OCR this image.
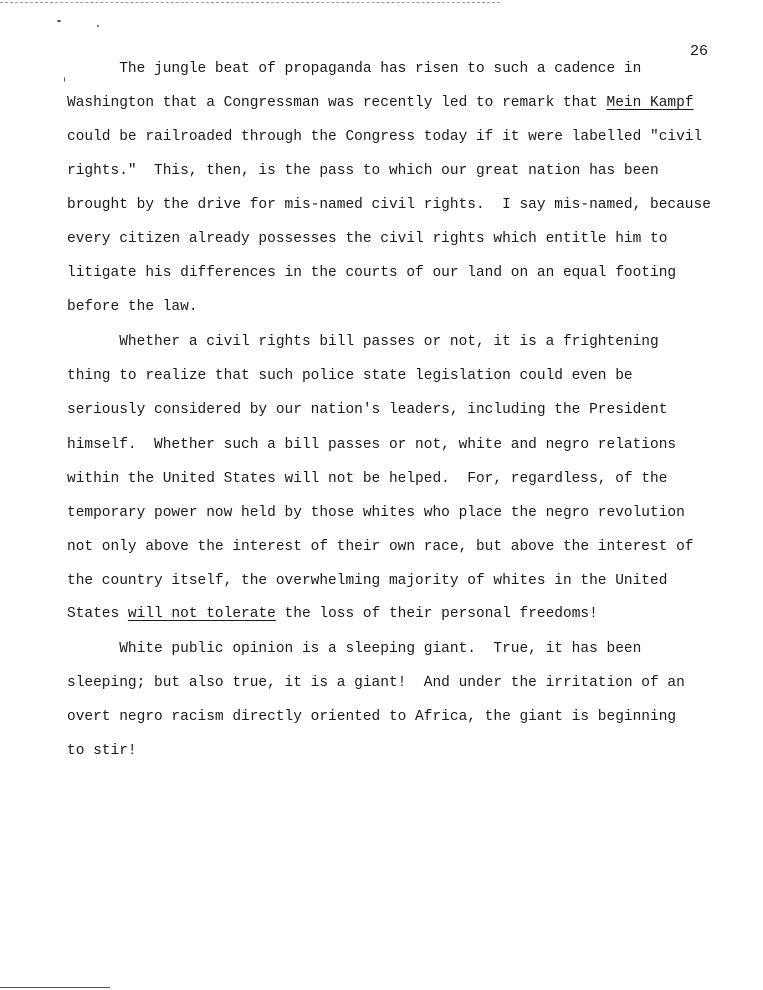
26
The jungle beat of propaganda has risen to such a cadence in
Washington that a Congressman was recently led to remark that Mein Kampf
could be railroaded through the Congress today if it were labelled "civil
rights."  This, then, is the pass to which our great nation has been
brought by the drive for mis-named civil rights.  I say mis-named, because
every citizen already possesses the civil rights which entitle him to
litigate his differences in the courts of our land on an equal footing
before the law.
Whether a civil rights bill passes or not, it is a frightening
thing to realize that such police state legislation could even be
seriously considered by our nation's leaders, including the President
himself.  Whether such a bill passes or not, white and negro relations
within the United States will not be helped.  For, regardless, of the
temporary power now held by those whites who place the negro revolution
not only above the interest of their own race, but above the interest of
the country itself, the overwhelming majority of whites in the United
States will not tolerate the loss of their personal freedoms!
White public opinion is a sleeping giant.  True, it has been
sleeping; but also true, it is a giant!  And under the irritation of an
overt negro racism directly oriented to Africa, the giant is beginning
to stir!
